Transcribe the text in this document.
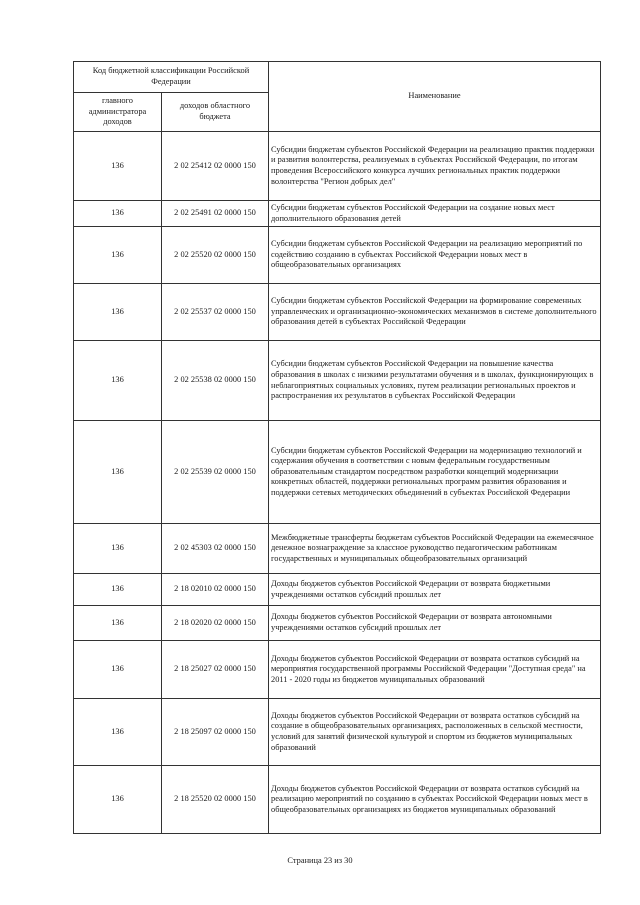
Код бюджетной классификации Российской Федерации		Наименование
главного администратора доходов	доходов областного бюджета	
136	2 02 25412 02 0000 150	Субсидии бюджетам субъектов Российской Федерации на реализацию практик поддержки и развития волонтерства, реализуемых в субъектах Российской Федерации, по итогам проведения Всероссийского конкурса лучших региональных практик поддержки волонтерства "Регион добрых дел"
136	2 02 25491 02 0000 150	Субсидии бюджетам субъектов Российской Федерации на создание новых мест дополнительного образования детей
136	2 02 25520 02 0000 150	Субсидии бюджетам субъектов Российской Федерации на реализацию мероприятий по содействию созданию в субъектах Российской Федерации новых мест в общеобразовательных организациях
136	2 02 25537 02 0000 150	Субсидии бюджетам субъектов Российской Федерации на формирование современных управленческих и организационно-экономических механизмов в системе дополнительного образования детей в субъектах Российской Федерации
136	2 02 25538 02 0000 150	Субсидии бюджетам субъектов Российской Федерации на повышение качества образования в школах с низкими результатами обучения и в школах, функционирующих в неблагоприятных социальных условиях, путем реализации региональных проектов и распространения их результатов в субъектах Российской Федерации
136	2 02 25539 02 0000 150	Субсидии бюджетам субъектов Российской Федерации на модернизацию технологий и содержания обучения в соответствии с новым федеральным государственным образовательным стандартом посредством разработки концепций модернизации конкретных областей, поддержки региональных программ развития образования и поддержки сетевых методических объединений в субъектах Российской Федерации
136	2 02 45303 02 0000 150	Межбюджетные трансферты бюджетам субъектов Российской Федерации на ежемесячное денежное вознаграждение за классное руководство педагогическим работникам государственных и муниципальных общеобразовательных организаций
136	2 18 02010 02 0000 150	Доходы бюджетов субъектов Российской Федерации от возврата бюджетными учреждениями остатков субсидий прошлых лет
136	2 18 02020 02 0000 150	Доходы бюджетов субъектов Российской Федерации от возврата автономными учреждениями остатков субсидий прошлых лет
136	2 18 25027 02 0000 150	Доходы бюджетов субъектов Российской Федерации от возврата остатков субсидий на мероприятия государственной программы Российской Федерации "Доступная среда" на 2011 - 2020 годы из бюджетов муниципальных образований
136	2 18 25097 02 0000 150	Доходы бюджетов субъектов Российской Федерации от возврата остатков субсидий на создание в общеобразовательных организациях, расположенных в сельской местности, условий для занятий физической культурой и спортом из бюджетов муниципальных образований
136	2 18 25520 02 0000 150	Доходы бюджетов субъектов Российской Федерации от возврата остатков субсидий на реализацию мероприятий по созданию в субъектах Российской Федерации новых мест в общеобразовательных организациях из бюджетов муниципальных образований
Страница 23 из 30
